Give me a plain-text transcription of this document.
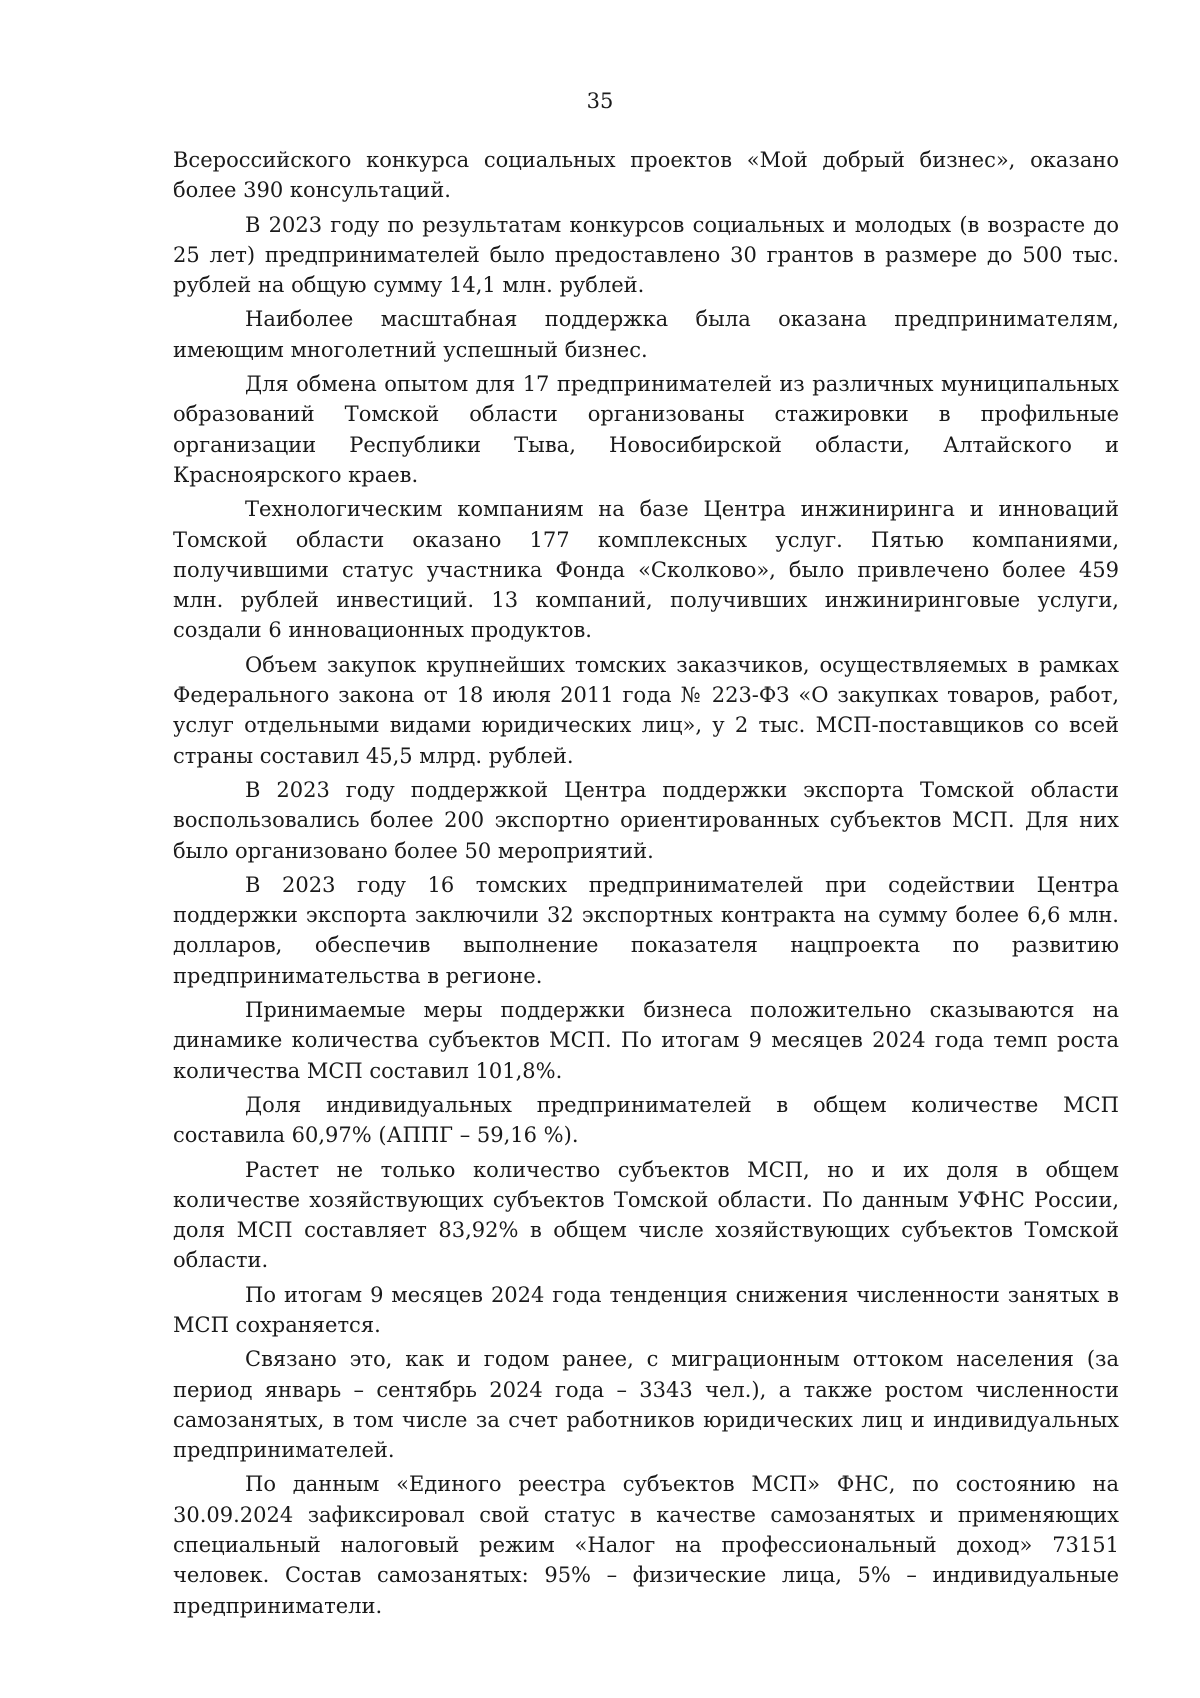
35

Всероссийского конкурса социальных проектов «Мой добрый бизнес», оказано более 390 консультаций.

В 2023 году по результатам конкурсов социальных и молодых (в возрасте до 25 лет) предпринимателей было предоставлено 30 грантов в размере до 500 тыс. рублей на общую сумму 14,1 млн. рублей.

Наиболее масштабная поддержка была оказана предпринимателям, имеющим многолетний успешный бизнес.

Для обмена опытом для 17 предпринимателей из различных муниципальных образований Томской области организованы стажировки в профильные организации Республики Тыва, Новосибирской области, Алтайского и Красноярского краев.

Технологическим компаниям на базе Центра инжиниринга и инноваций Томской области оказано 177 комплексных услуг. Пятью компаниями, получившими статус участника Фонда «Сколково», было привлечено более 459 млн. рублей инвестиций. 13 компаний, получивших инжиниринговые услуги, создали 6 инновационных продуктов.

Объем закупок крупнейших томских заказчиков, осуществляемых в рамках Федерального закона от 18 июля 2011 года № 223-ФЗ «О закупках товаров, работ, услуг отдельными видами юридических лиц», у 2 тыс. МСП-поставщиков со всей страны составил 45,5 млрд. рублей.

В 2023 году поддержкой Центра поддержки экспорта Томской области воспользовались более 200 экспортно ориентированных субъектов МСП. Для них было организовано более 50 мероприятий.

В 2023 году 16 томских предпринимателей при содействии Центра поддержки экспорта заключили 32 экспортных контракта на сумму более 6,6 млн. долларов, обеспечив выполнение показателя нацпроекта по развитию предпринимательства в регионе.

Принимаемые меры поддержки бизнеса положительно сказываются на динамике количества субъектов МСП. По итогам 9 месяцев 2024 года темп роста количества МСП составил 101,8%.

Доля индивидуальных предпринимателей в общем количестве МСП составила 60,97% (АППГ – 59,16 %).

Растет не только количество субъектов МСП, но и их доля в общем количестве хозяйствующих субъектов Томской области. По данным УФНС России, доля МСП составляет 83,92% в общем числе хозяйствующих субъектов Томской области.

По итогам 9 месяцев 2024 года тенденция снижения численности занятых в МСП сохраняется.

Связано это, как и годом ранее, с миграционным оттоком населения (за период январь – сентябрь 2024 года – 3343 чел.), а также ростом численности самозанятых, в том числе за счет работников юридических лиц и индивидуальных предпринимателей.

По данным «Единого реестра субъектов МСП» ФНС, по состоянию на 30.09.2024 зафиксировал свой статус в качестве самозанятых и применяющих специальный налоговый режим «Налог на профессиональный доход» 73151 человек. Состав самозанятых: 95% – физические лица, 5% – индивидуальные предприниматели.
